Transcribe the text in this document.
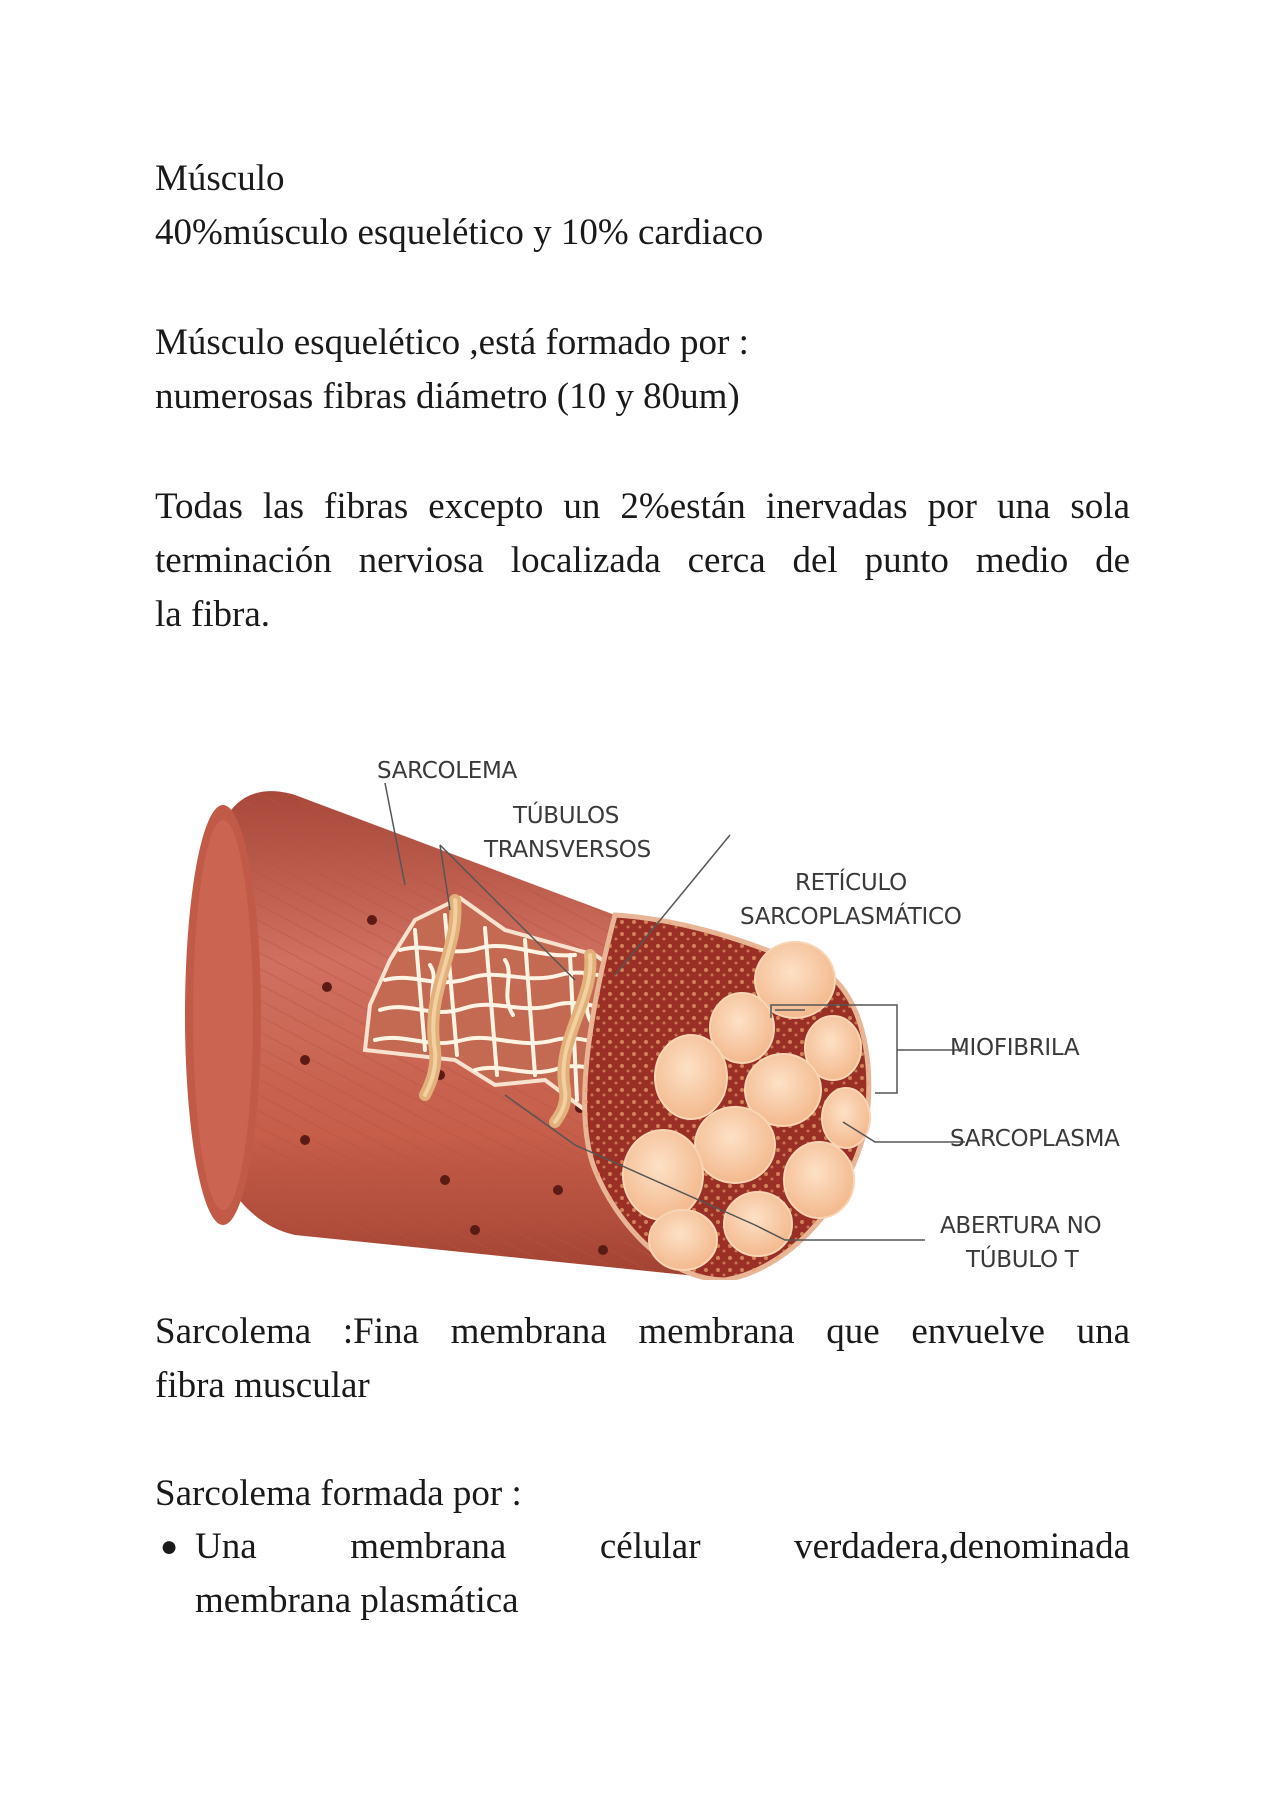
Músculo
40%músculo esquelético y 10% cardiaco
Músculo esquelético ,está formado por :
numerosas fibras diámetro (10 y 80um)
Todas las fibras excepto un 2%están inervadas por una sola
terminación nerviosa localizada cerca del punto medio de
la fibra.
SARCOLEMA
TÚBULOS
TRANSVERSOS
RETÍCULO
SARCOPLASMÁTICO
MIOFIBRILA
SARCOPLASMA
ABERTURA NO
TÚBULO T
Sarcolema :Fina membrana membrana que envuelve una
fibra muscular
Sarcolema formada por :
● Una membrana célular verdadera,denominada
membrana plasmática
